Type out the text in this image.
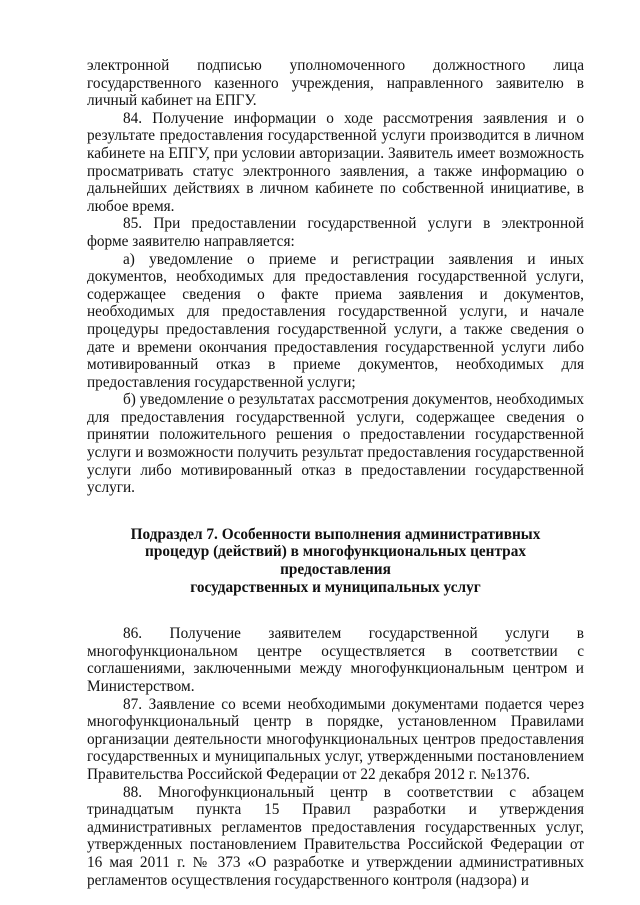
электронной подписью уполномоченного должностного лица государственного казенного учреждения, направленного заявителю в личный кабинет на ЕПГУ.

84. Получение информации о ходе рассмотрения заявления и о результате предоставления государственной услуги производится в личном кабинете на ЕПГУ, при условии авторизации. Заявитель имеет возможность просматривать статус электронного заявления, а также информацию о дальнейших действиях в личном кабинете по собственной инициативе, в любое время.

85. При предоставлении государственной услуги в электронной форме заявителю направляется:

а) уведомление о приеме и регистрации заявления и иных документов, необходимых для предоставления государственной услуги, содержащее сведения о факте приема заявления и документов, необходимых для предоставления государственной услуги, и начале процедуры предоставления государственной услуги, а также сведения о дате и времени окончания предоставления государственной услуги либо мотивированный отказ в приеме документов, необходимых для предоставления государственной услуги;

б) уведомление о результатах рассмотрения документов, необходимых для предоставления государственной услуги, содержащее сведения о принятии положительного решения о предоставлении государственной услуги и возможности получить результат предоставления государственной услуги либо мотивированный отказ в предоставлении государственной услуги.

Подраздел 7. Особенности выполнения административных
процедур (действий) в многофункциональных центрах предоставления
государственных и муниципальных услуг

86. Получение заявителем государственной услуги в многофункциональном центре осуществляется в соответствии с соглашениями, заключенными между многофункциональным центром и Министерством.

87. Заявление со всеми необходимыми документами подается через многофункциональный центр в порядке, установленном Правилами организации деятельности многофункциональных центров предоставления государственных и муниципальных услуг, утвержденными постановлением Правительства Российской Федерации от 22 декабря 2012 г. №1376.

88. Многофункциональный центр в соответствии с абзацем тринадцатым пункта 15 Правил разработки и утверждения административных регламентов предоставления государственных услуг, утвержденных постановлением Правительства Российской Федерации от 16 мая 2011 г. № 373 «О разработке и утверждении административных регламентов осуществления государственного контроля (надзора) и
